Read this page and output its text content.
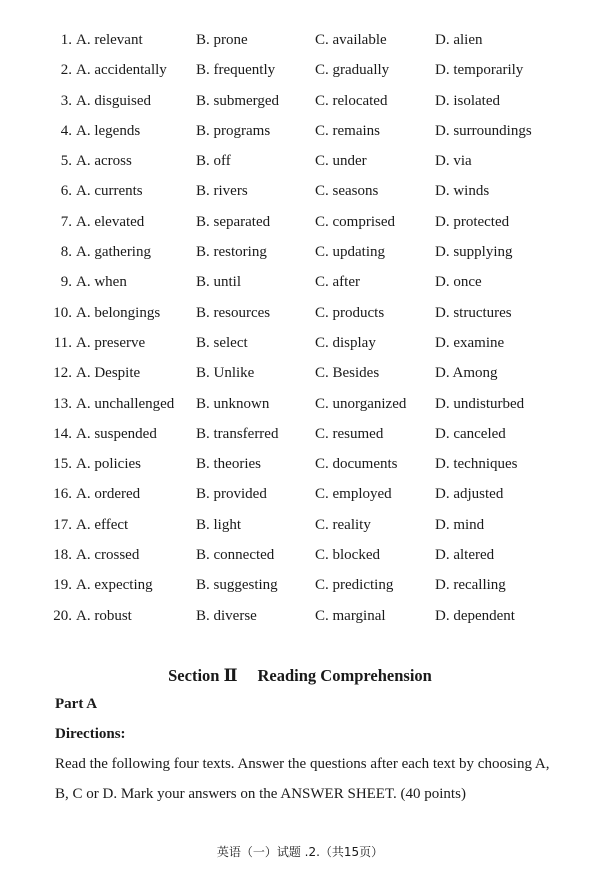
1. A. relevant	B. prone	C. available	D. alien
2. A. accidentally B. frequently	C. gradually	D. temporarily
3. A. disguised	B. submerged C. relocated	D. isolated
4. A. legends	B. programs	C. remains	D. surroundings
5. A. across	B. off	C. under	D. via
6. A. currents	B. rivers	C. seasons	D. winds
7. A. elevated	B. separated	C. comprised	D. protected
8. A. gathering	B. restoring	C. updating	D. supplying
9. A. when	B. until	C. after	D. once
10. A. belongings B. resources	C. products	D. structures
11. A. preserve	B. select	C. display	D. examine
12. A. Despite	B. Unlike	C. Besides	D. Among
13. A. unchallenged B. unknown	C. unorganized D. undisturbed
14. A. suspended	B. transferred C. resumed	D. canceled
15. A. policies	B. theories	C. documents	D. techniques
16. A. ordered	B. provided	C. employed	D. adjusted
17. A. effect	B. light	C. reality	D. mind
18. A. crossed	B. connected	C. blocked	D. altered
19. A. expecting	B. suggesting C. predicting	D. recalling
20. A. robust	B. diverse	C. marginal	D. dependent
Section Ⅱ Reading Comprehension
Part A
Directions:
Read the following four texts. Answer the questions after each text by choosing A,
B, C or D. Mark your answers on the ANSWER SHEET. (40 points)
英语（一）试题 .2.（共15页）
